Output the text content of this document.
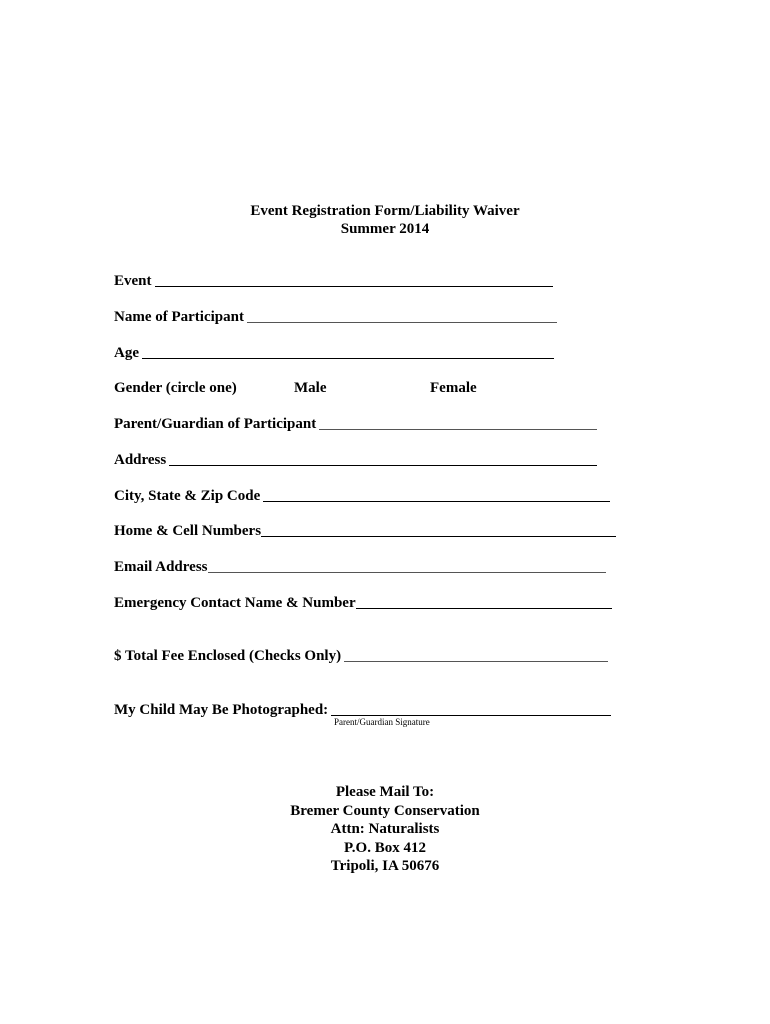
Event Registration Form/Liability Waiver
Summer 2014
Event
Name of Participant
Age
Gender (circle one)	Male	Female
Parent/Guardian of Participant
Address
City, State & Zip Code
Home & Cell Numbers
Email Address
Emergency Contact Name & Number
$ Total Fee Enclosed (Checks Only)
My Child May Be Photographed:
Parent/Guardian Signature
Please Mail To:
Bremer County Conservation
Attn: Naturalists
P.O. Box 412
Tripoli, IA 50676
